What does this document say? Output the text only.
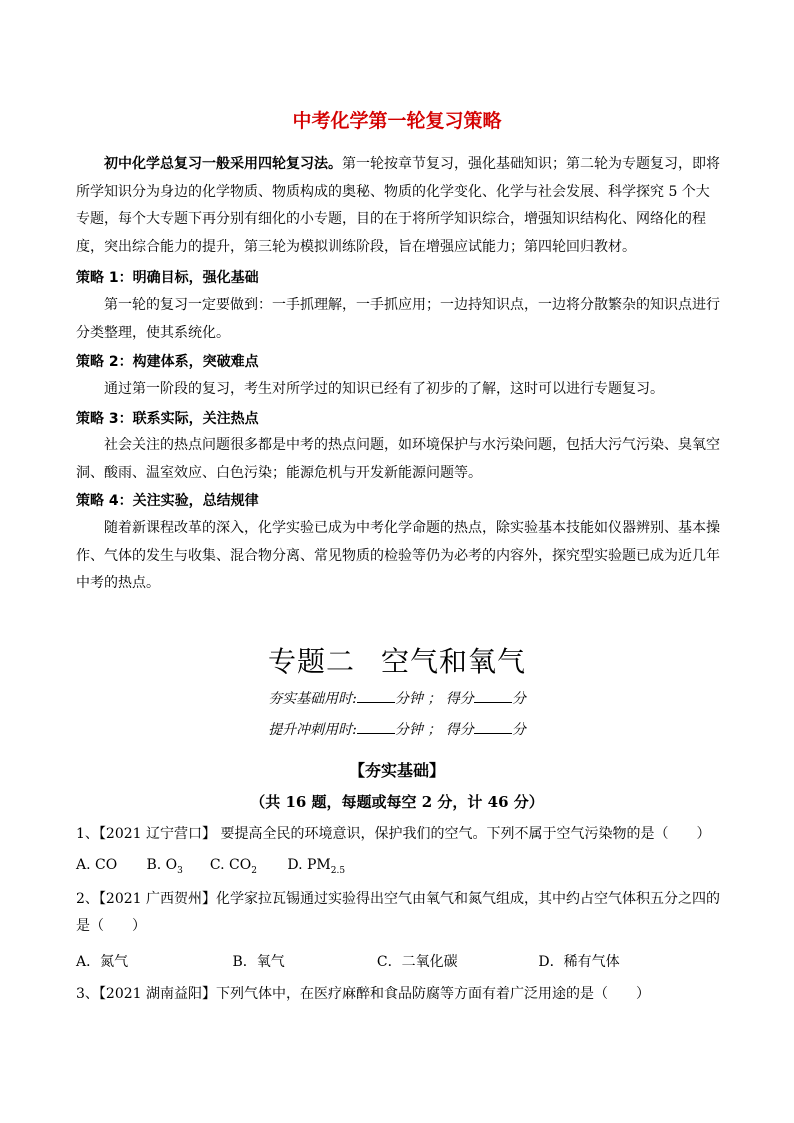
中考化学第一轮复习策略
初中化学总复习一般采用四轮复习法。第一轮按章节复习，强化基础知识；第二轮为专题复习，即将所学知识分为身边的化学物质、物质构成的奥秘、物质的化学变化、化学与社会发展、科学探究 5 个大专题，每个大专题下再分别有细化的小专题，目的在于将所学知识综合，增强知识结构化、网络化的程度，突出综合能力的提升，第三轮为模拟训练阶段，旨在增强应试能力；第四轮回归教材。
策略 1：明确目标，强化基础
第一轮的复习一定要做到：一手抓理解，一手抓应用；一边持知识点，一边将分散繁杂的知识点进行分类整理，使其系统化。
策略 2：构建体系，突破难点
通过第一阶段的复习，考生对所学过的知识已经有了初步的了解，这时可以进行专题复习。
策略 3：联系实际，关注热点
社会关注的热点问题很多都是中考的热点问题，如环境保护与水污染问题，包括大污气污染、臭氧空洞、酸雨、温室效应、白色污染；能源危机与开发新能源问题等。
策略 4：关注实验，总结规律
随着新课程改革的深入，化学实验已成为中考化学命题的热点，除实验基本技能如仪器辨别、基本操作、气体的发生与收集、混合物分离、常见物质的检验等仍为必考的内容外，探究型实验题已成为近几年中考的热点。
专题二 空气和氧气
夯实基础用时:	分钟 ； 得分	分
提升冲刺用时:	分钟 ； 得分	分
【夯实基础】
（共 16 题，每题或每空 2 分，计 46 分）
1、【2021 辽宁营口】 要提高全民的环境意识，保护我们的空气。下列不属于空气污染物的是（　　）
A. CO B. $O_3$ C. $CO_2$ D. $PM_{2.5}$
2、【2021 广西贺州】化学家拉瓦锡通过实验得出空气由氧气和氮气组成，其中约占空气体积五分之四的是（　　）
A．氮气	B．氧气	C．二氧化碳	D．稀有气体
3、【2021 湖南益阳】下列气体中，在医疗麻醉和食品防腐等方面有着广泛用途的是（　　）
